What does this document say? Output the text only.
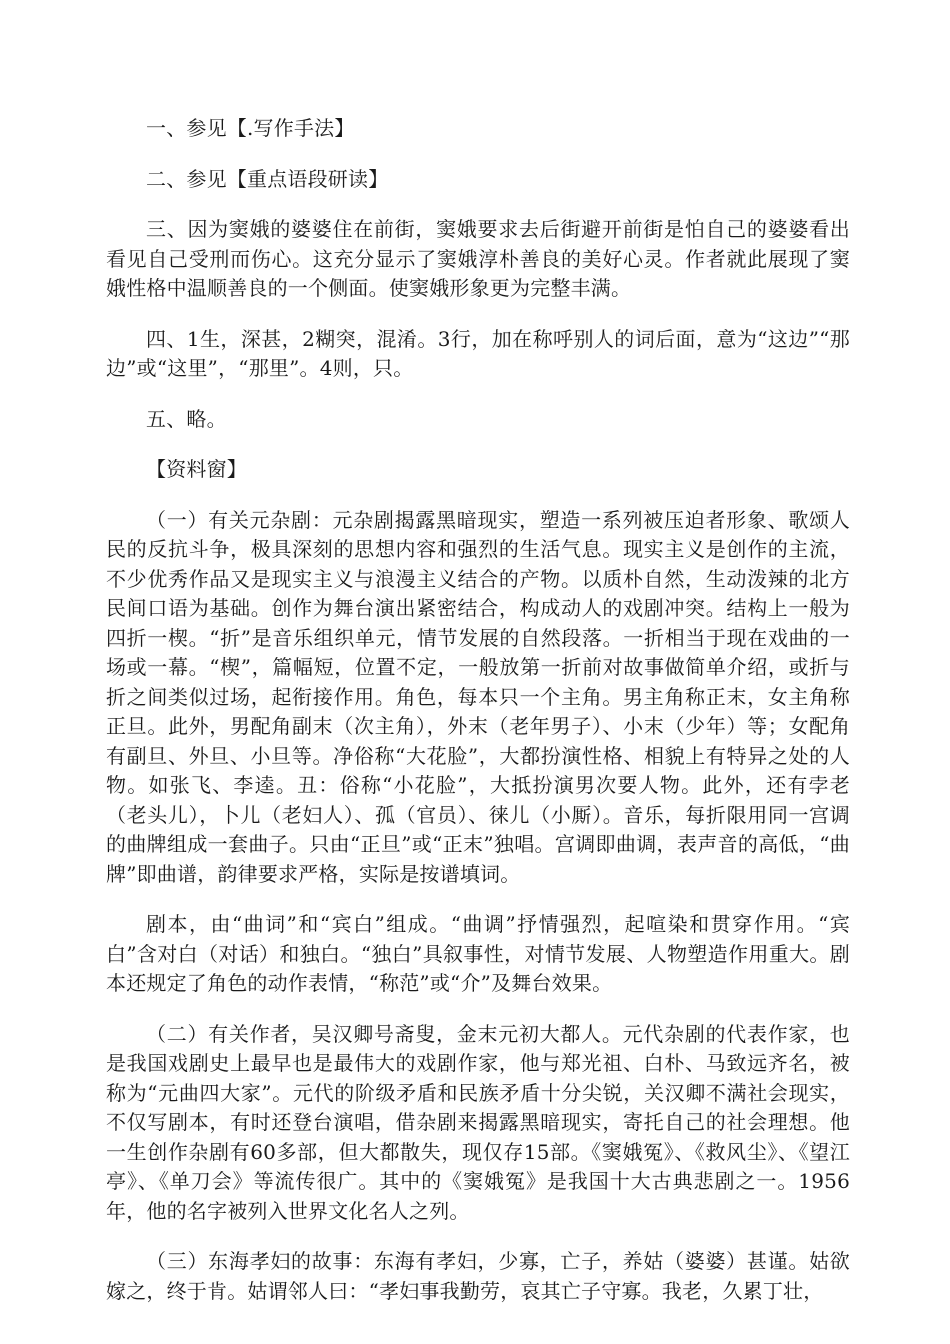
一、参见【.写作手法】

二、参见【重点语段研读】

三、因为窦娥的婆婆住在前街，窦娥要求去后街避开前街是怕自己的婆婆看出看见自己受刑而伤心。这充分显示了窦娥淳朴善良的美好心灵。作者就此展现了窦娥性格中温顺善良的一个侧面。使窦娥形象更为完整丰满。

四、1生，深甚，2糊突，混淆。3行，加在称呼别人的词后面，意为“这边”“那边”或“这里”，“那里”。4则，只。

五、略。

【资料窗】

（一）有关元杂剧：元杂剧揭露黑暗现实，塑造一系列被压迫者形象、歌颂人民的反抗斗争，极具深刻的思想内容和强烈的生活气息。现实主义是创作的主流，不少优秀作品又是现实主义与浪漫主义结合的产物。以质朴自然，生动泼辣的北方民间口语为基础。创作为舞台演出紧密结合，构成动人的戏剧冲突。结构上一般为四折一楔。“折”是音乐组织单元，情节发展的自然段落。一折相当于现在戏曲的一场或一幕。“楔”，篇幅短，位置不定，一般放第一折前对故事做简单介绍，或折与折之间类似过场，起衔接作用。角色，每本只一个主角。男主角称正末，女主角称正旦。此外，男配角副末（次主角），外末（老年男子）、小末（少年）等；女配角有副旦、外旦、小旦等。净俗称“大花脸”，大都扮演性格、相貌上有特异之处的人物。如张飞、李逵。丑：俗称“小花脸”，大抵扮演男次要人物。此外，还有孛老（老头儿），卜儿（老妇人）、孤（官员）、徕儿（小厮）。音乐，每折限用同一宫调的曲牌组成一套曲子。只由“正旦”或“正末”独唱。宫调即曲调，表声音的高低，“曲牌”即曲谱，韵律要求严格，实际是按谱填词。

剧本，由“曲词”和“宾白”组成。“曲调”抒情强烈，起喧染和贯穿作用。“宾白”含对白（对话）和独白。“独白”具叙事性，对情节发展、人物塑造作用重大。剧本还规定了角色的动作表情，“称范”或“介”及舞台效果。

（二）有关作者，吴汉卿号斋叟，金末元初大都人。元代杂剧的代表作家，也是我国戏剧史上最早也是最伟大的戏剧作家，他与郑光祖、白朴、马致远齐名，被称为“元曲四大家”。元代的阶级矛盾和民族矛盾十分尖锐，关汉卿不满社会现实，不仅写剧本，有时还登台演唱，借杂剧来揭露黑暗现实，寄托自己的社会理想。他一生创作杂剧有60多部，但大都散失，现仅存15部。《窦娥冤》、《救风尘》、《望江亭》、《单刀会》等流传很广。其中的《窦娥冤》是我国十大古典悲剧之一。1956年，他的名字被列入世界文化名人之列。

（三）东海孝妇的故事：东海有孝妇，少寡，亡子，养姑（婆婆）甚谨。姑欲嫁之，终于肯。姑谓邻人曰：“孝妇事我勤劳，哀其亡子守寡。我老，久累丁壮，
